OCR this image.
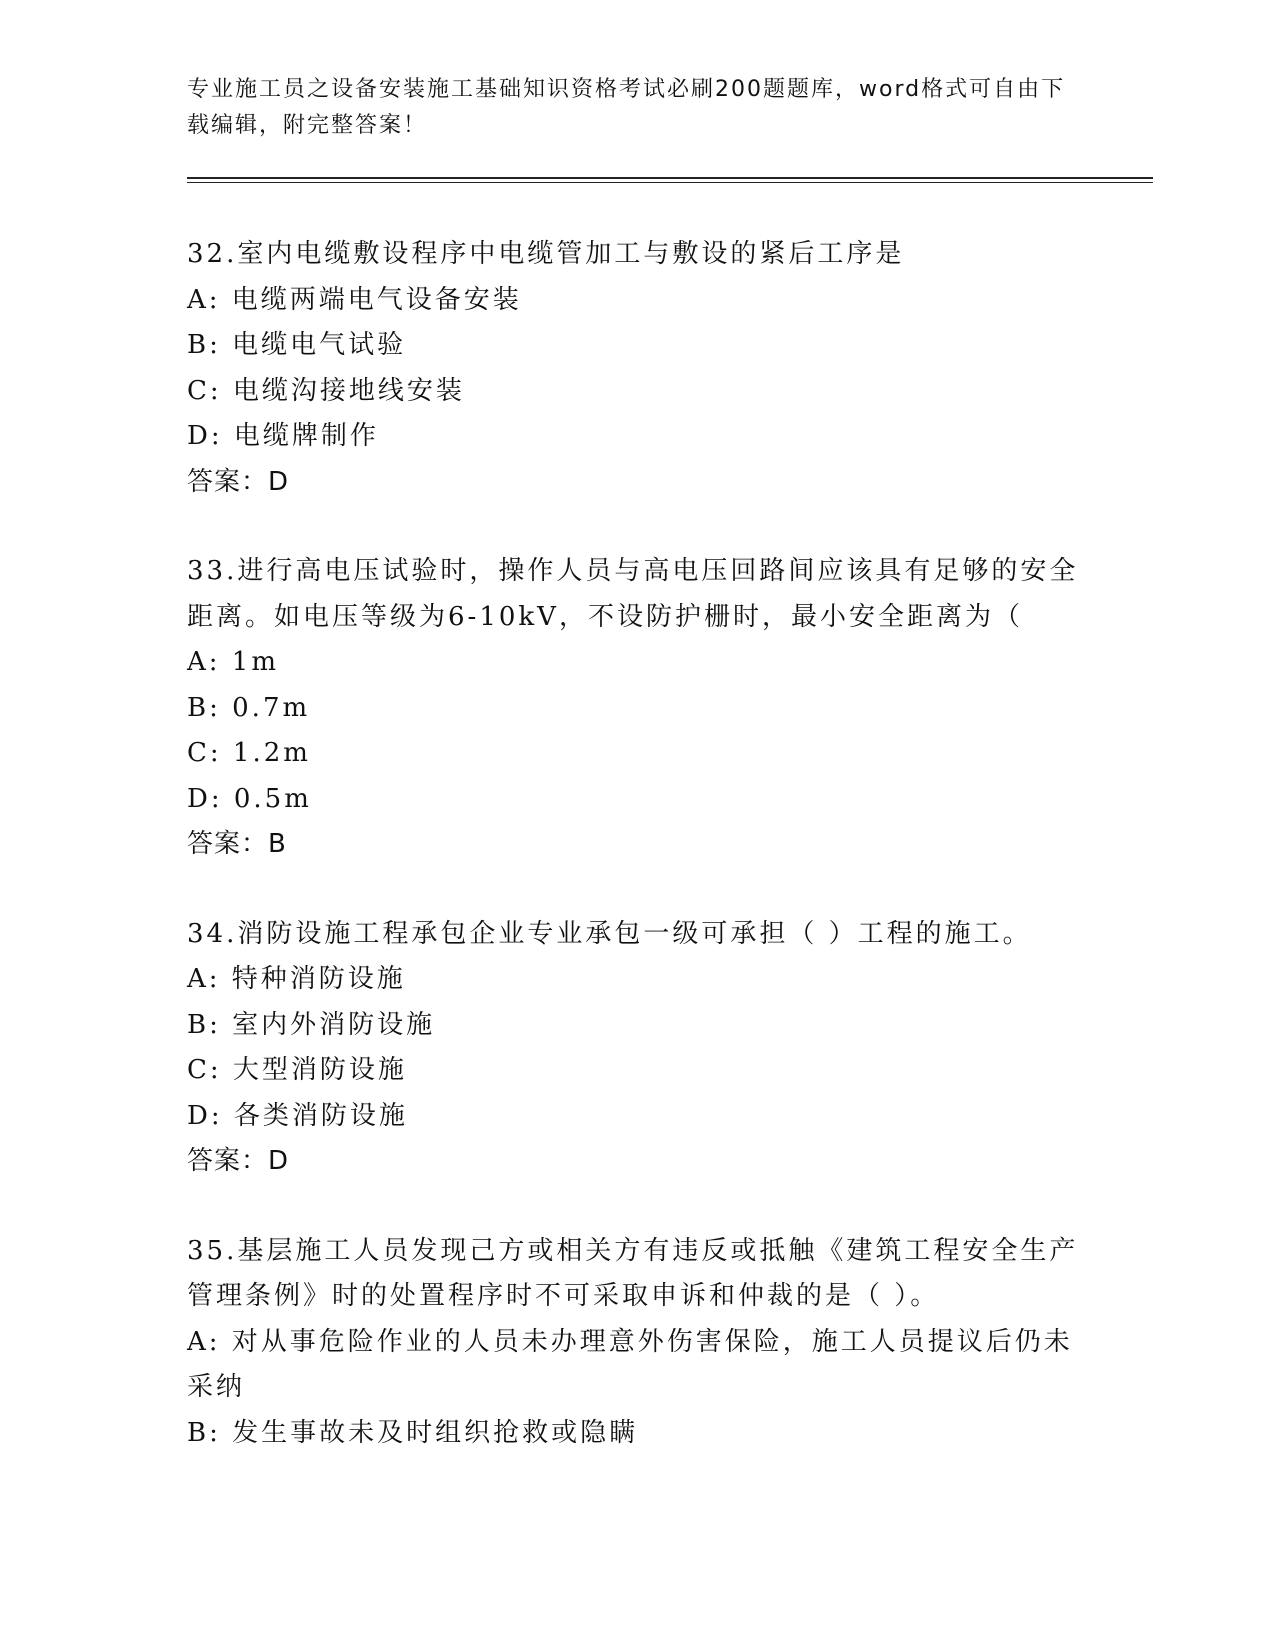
专业施工员之设备安装施工基础知识资格考试必刷200题题库，word格式可自由下载编辑，附完整答案！
32.室内电缆敷设程序中电缆管加工与敷设的紧后工序是
A: 电缆两端电气设备安装
B: 电缆电气试验
C: 电缆沟接地线安装
D: 电缆牌制作
答案：D
33.进行高电压试验时，操作人员与高电压回路间应该具有足够的安全
距离。如电压等级为6-10kV，不设防护栅时，最小安全距离为（
A: 1m
B: 0.7m
C: 1.2m
D: 0.5m
答案：B
34.消防设施工程承包企业专业承包一级可承担（ ）工程的施工。
A: 特种消防设施
B: 室内外消防设施
C: 大型消防设施
D: 各类消防设施
答案：D
35.基层施工人员发现己方或相关方有违反或抵触《建筑工程安全生产
管理条例》时的处置程序时不可采取申诉和仲裁的是（ ）。
A: 对从事危险作业的人员未办理意外伤害保险，施工人员提议后仍未
采纳
B: 发生事故未及时组织抢救或隐瞒
